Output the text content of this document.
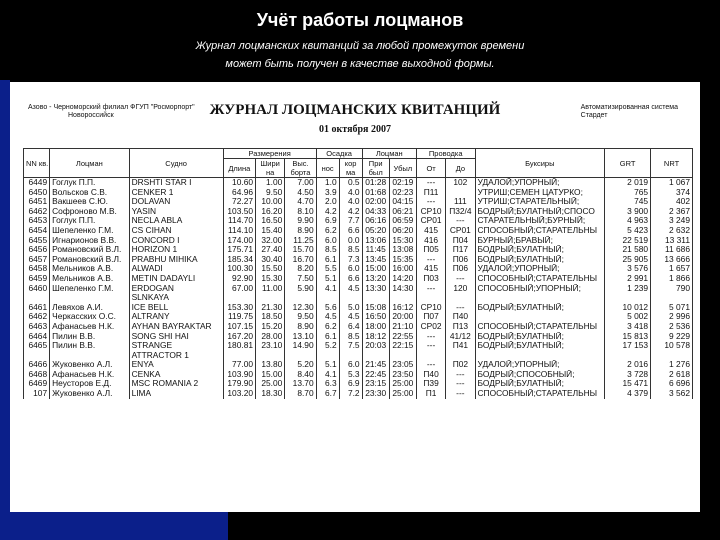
Учёт работы лоцманов
Журнал лоцманских квитанций за любой промежуток времени
может быть получен в качестве выходной формы.
Азово - Черноморский филиал ФГУП "Росморпорт"
Новороссийск	ЖУРНАЛ ЛОЦМАНСКИХ КВИТАНЦИЙ
01 октября 2007
Автоматизированная система
Стардет
NN кв.	Лоцман	Судно	Размерения			Осадка		Лоцман		Проводка		Буксиры	GRT	NRT
			Длина	Шири на	Выс. борта	нос	кор ма	При был	Убыл	От	До			
6449	Гоглук П.П.	DRSHTI STAR I	10.60	1.00	7.00	1.0	0.5	01:28	02:19	---	102	УДАЛОЙ;УПОРНЫЙ;	2 019	1 067
6450	Вольсков С.В.	CENKER 1	64.96	9.50	4.50	3.9	4.0	01:68	02:23	П11		УТРИШ;СЕМЕН ЦАТУРКО;	765	374
6451	Вакшеев С.Ю.	DOLAVAN	72.27	10.00	4.70	2.0	4.0	02:00	04:15	---	111	УТРИШ;СТАРАТЕЛЬНЫЙ;	745	402
6462	Софроново М.В.	YASIN	103.50	16.20	8.10	4.2	4.2	04:33	06:21	СР10	П32/4	БОДРЫЙ;БУЛАТНЫЙ;СПОСО	3 900	2 367
6453	Гоглук П.П.	NECLA ABLA	114.70	16.50	9.90	6.9	7.7	06:16	06:59	СР01	---	СТАРАТЕЛЬНЫЙ;БУРНЫЙ;	4 963	3 249
6454	Шепеленко Г.М.	CS CIHAN	114.10	15.40	8.90	6.2	6.6	05:20	06:20	415	СР01	СПОСОБНЫЙ;СТАРАТЕЛЬНЫ	5 423	2 632
6455	Игнарионов В.В.	CONCORD I	174.00	32.00	11.25	6.0	0.0	13:06	15:30	416	П04	БУРНЫЙ;БРАВЫЙ;	22 519	13 311
6456	Романовский В.Л.	HORIZON 1	175.71	27.40	15.70	8.5	8.5	11:45	13:08	П05	П17	БОДРЫЙ;БУЛАТНЫЙ;	21 580	11 686
6457	Романовский В.Л.	PRABHU MIHIKA	185.34	30.40	16.70	6.1	7.3	13:45	15:35	---	П06	БОДРЫЙ;БУЛАТНЫЙ;	25 905	13 666
6458	Мельников А.В.	ALWADI	100.30	15.50	8.20	5.5	6.0	15:00	16:00	415	П06	УДАЛОЙ;УПОРНЫЙ;	3 576	1 657
6459	Мельников А.В.	METIN DADAYLI	92.90	15.30	7.50	5.1	6.6	13:20	14:20	П03	---	СПОСОБНЫЙ;СТАРАТЕЛЬНЫ	2 991	1 866
6460	Шепеленко Г.М.	ERDOGAN	67.00	11.00	5.90	4.1	4.5	13:30	14:30	---	120	СПОСОБНЫЙ;УПОРНЫЙ;	1 239	790
		SLNKAYA												

6461	Левяхов А.И.	ICE BELL	153.30	21.30	12.30	5.6	5.0	15:08	16:12	СР10	---	БОДРЫЙ;БУЛАТНЫЙ;	10 012	5 071
6462	Черкасских О.С.	ALTRANY	119.75	18.50	9.50	4.5	4.5	16:50	20:00	П07	П40		5 002	2 996
6463	Афанасьев Н.К.	AYHAN BAYRAKTAR	107.15	15.20	8.90	6.2	6.4	18:00	21:10	СР02	П13	СПОСОБНЫЙ;СТАРАТЕЛЬНЫ	3 418	2 536
6464	Пилин В.В.	SONG SHI HAI	167.20	28.00	13.10	6.1	8.5	18:12	22:55	---	41/12	БОДРЫЙ;БУЛАТНЫЙ;	15 813	9 229
6465	Пилин В.В.	STRANGE	180.81	23.10	14.90	5.2	7.5	20:03	22:15	---	П41	БОДРЫЙ;БУЛАТНЫЙ;	17 153	10 578
		ATTRACTOR 1												

6466	Жуковенко А.Л.	ENYA	77.00	13.80	5.20	5.1	6.0	21:45	23:05	---	П02	УДАЛОЙ;УПОРНЫЙ;	2 016	1 276
6468	Афанасьев Н.К.	CENKA	103.90	15.00	8.40	4.1	5.3	22:45	23:50	П40	---	БОДРЫЙ;СПОСОБНЫЙ;	3 728	2 618
6469	Неусторов Е.Д.	MSC ROMANIA 2	179.90	25.00	13.70	6.3	6.9	23:15	25:00	П39	---	БОДРЫЙ;БУЛАТНЫЙ;	15 471	6 696
107	Жуковенко А.Л.	LIMA	103.20	18.30	8.70	6.7	7.2	23:30	25:00	П1	---	СПОСОБНЫЙ;СТАРАТЕЛЬНЫ	4 379	3 562
